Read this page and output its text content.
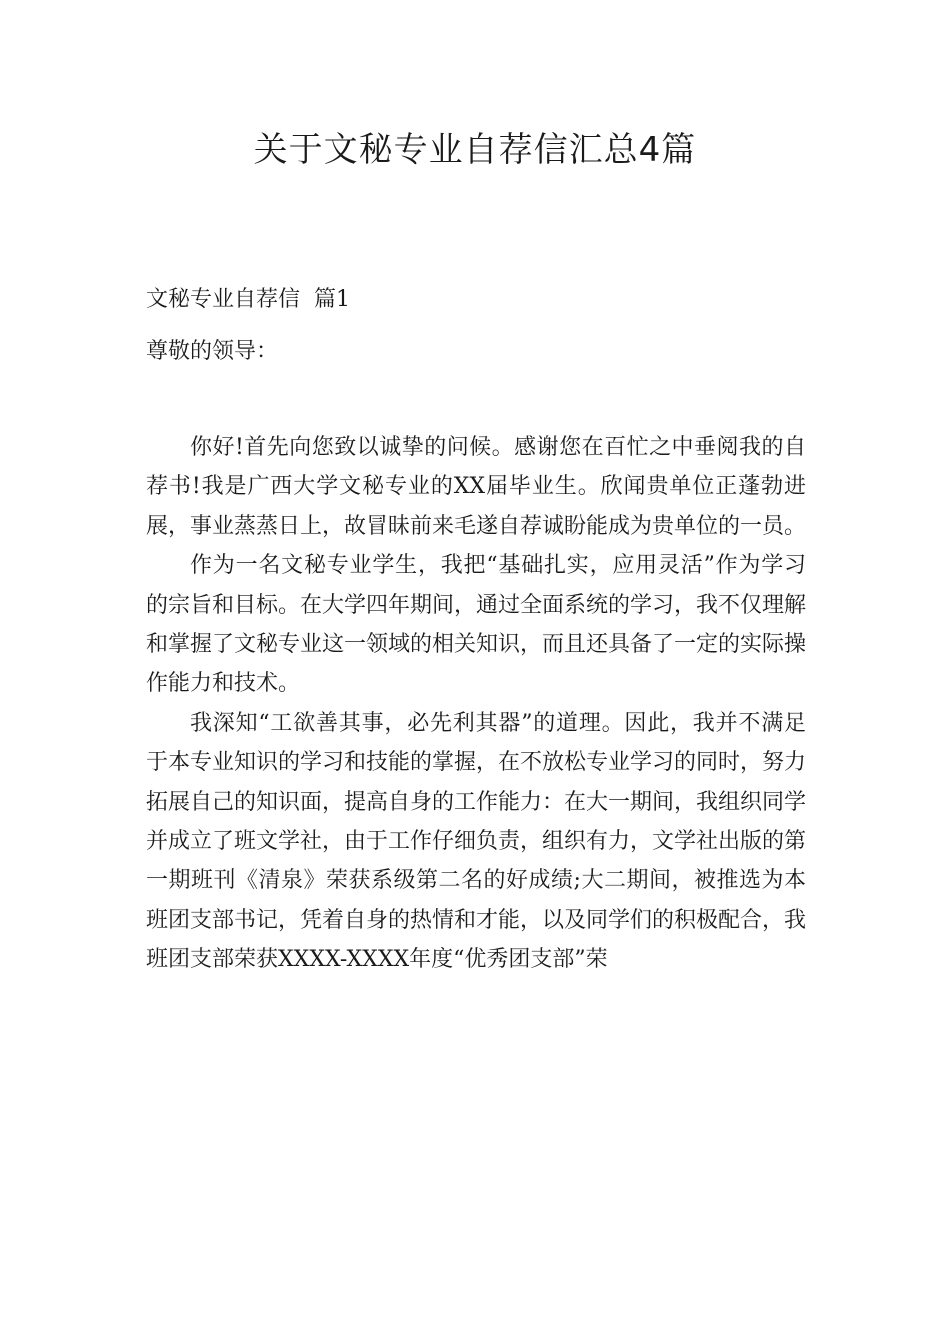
关于文秘专业自荐信汇总4篇
文秘专业自荐信  篇1
尊敬的领导：

你好!首先向您致以诚挚的问候。感谢您在百忙之中垂阅我的自荐书!我是广西大学文秘专业的XX届毕业生。欣闻贵单位正蓬勃进展，事业蒸蒸日上，故冒昧前来毛遂自荐诚盼能成为贵单位的一员。

作为一名文秘专业学生，我把“基础扎实，应用灵活”作为学习的宗旨和目标。在大学四年期间，通过全面系统的学习，我不仅理解和掌握了文秘专业这一领域的相关知识，而且还具备了一定的实际操作能力和技术。

我深知“工欲善其事，必先利其器”的道理。因此，我并不满足于本专业知识的学习和技能的掌握，在不放松专业学习的同时，努力拓展自己的知识面，提高自身的工作能力：在大一期间，我组织同学并成立了班文学社，由于工作仔细负责，组织有力，文学社出版的第一期班刊《清泉》荣获系级第二名的好成绩;大二期间，被推选为本班团支部书记，凭着自身的热情和才能，以及同学们的积极配合，我班团支部荣获XXXX-XXXX年度“优秀团支部”荣
